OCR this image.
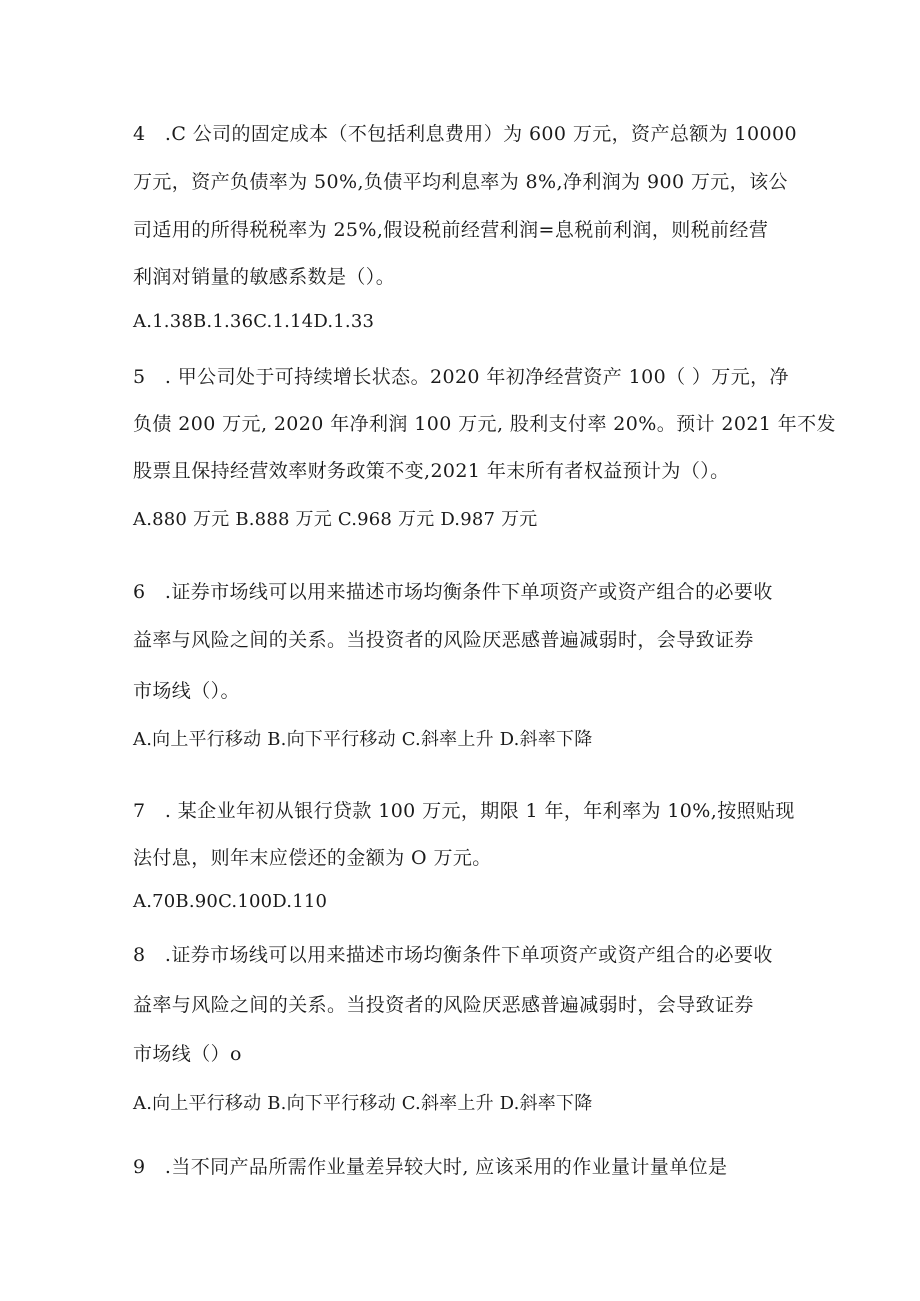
4　.C 公司的固定成本（不包括利息费用）为 600 万元，资产总额为 10000
万元，资产负债率为 50%,负债平均利息率为 8%,净利润为 900 万元，该公
司适用的所得税税率为 25%,假设税前经营利润=息税前利润，则税前经营
利润对销量的敏感系数是（）。
A.1.38B.1.36C.1.14D.1.33
5　. 甲公司处于可持续增长状态。2020 年初净经营资产 100（ ）万元，净
负债 200 万元, 2020 年净利润 100 万元, 股利支付率 20%。预计 2021 年不发
股票且保持经营效率财务政策不变,2021 年末所有者权益预计为（）。
A.880 万元 B.888 万元 C.968 万元 D.987 万元
6　.证券市场线可以用来描述市场均衡条件下单项资产或资产组合的必要收
益率与风险之间的关系。当投资者的风险厌恶感普遍减弱时，会导致证券
市场线（）。
A.向上平行移动 B.向下平行移动 C.斜率上升 D.斜率下降
7　. 某企业年初从银行贷款 100 万元，期限 1 年，年利率为 10%,按照贴现
法付息，则年末应偿还的金额为 O 万元。
A.70B.90C.100D.110
8　.证券市场线可以用来描述市场均衡条件下单项资产或资产组合的必要收
益率与风险之间的关系。当投资者的风险厌恶感普遍减弱时，会导致证券
市场线（）o
A.向上平行移动 B.向下平行移动 C.斜率上升 D.斜率下降
9　.当不同产品所需作业量差异较大时, 应该采用的作业量计量单位是
